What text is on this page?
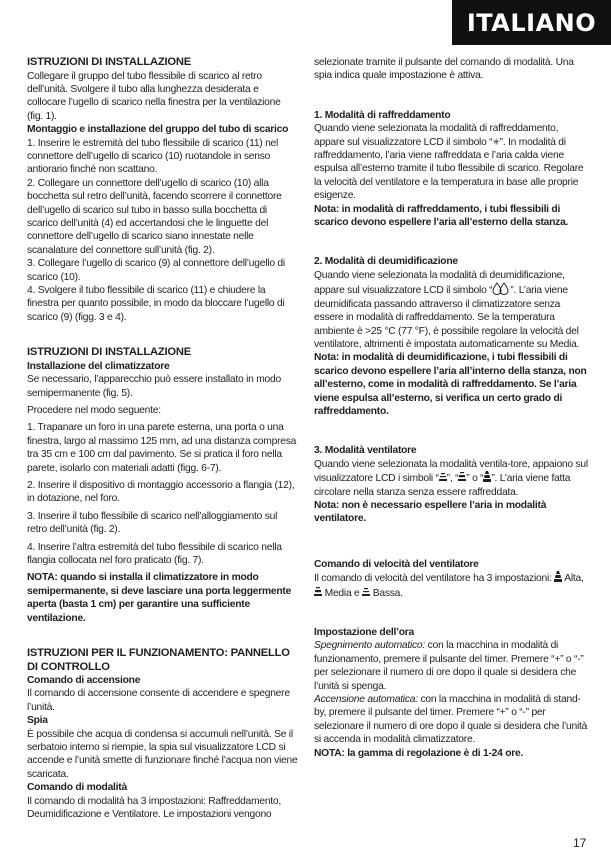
ITALIANO

ISTRUZIONI DI INSTALLAZIONE

Collegare il gruppo del tubo flessibile di scarico al retro dell’unità. Svolgere il tubo alla lunghezza desiderata e collocare l’ugello di scarico nella finestra per la ventilazione (fig. 1).

Montaggio e installazione del gruppo del tubo di scarico

1. Inserire le estremità del tubo flessibile di scarico (11) nel connettore dell’ugello di scarico (10) ruotandole in senso antiorario finché non scattano.

2. Collegare un connettore dell’ugello di scarico (10) alla bocchetta sul retro dell’unità, facendo scorrere il connettore dell’ugello di scarico sul tubo in basso sulla bocchetta di scarico dell’unità (4) ed accertandosi che le linguette del connettore dell’ugello di scarico siano innestate nelle scanalature del connettore sull’unità (fig. 2).

3. Collegare l’ugello di scarico (9) al connettore dell’ugello di scarico (10).

4. Svolgere il tubo flessibile di scarico (11) e chiudere la finestra per quanto possibile, in modo da bloccare l’ugello di scarico (9) (figg. 3 e 4).

ISTRUZIONI DI INSTALLAZIONE

Installazione del climatizzatore

Se necessario, l’apparecchio può essere installato in modo semipermanente (fig. 5).

Procedere nel modo seguente:

1. Trapanare un foro in una parete esterna, una porta o una finestra, largo al massimo 125 mm, ad una distanza compresa tra 35 cm e 100 cm dal pavimento. Se si pratica il foro nella parete, isolarlo con materiali adatti (figg. 6-7).

2. Inserire il dispositivo di montaggio accessorio a flangia (12), in dotazione, nel foro.

3. Inserire il tubo flessibile di scarico nell’alloggiamento sul retro dell’unità (fig. 2).

4. Inserire l’altra estremità del tubo flessibile di scarico nella flangia collocata nel foro praticato (fig. 7).

NOTA: quando si installa il climatizzatore in modo semipermanente, si deve lasciare una porta leggermente aperta (basta 1 cm) per garantire una sufficiente ventilazione.

ISTRUZIONI PER IL FUNZIONAMENTO: PANNELLO DI CONTROLLO

Comando di accensione

Il comando di accensione consente di accendere e spegnere l’unità.

Spia

È possibile che acqua di condensa si accumuli nell’unità. Se il serbatoio interno si riempie, la spia sul visualizzatore LCD si accende e l’unità smette di funzionare finché l’acqua non viene scaricata.

Comando di modalità

Il comando di modalità ha 3 impostazioni: Raffreddamento, Deumidificazione e Ventilatore. Le impostazioni vengono

selezionate tramite il pulsante del comando di modalità. Una spia indica quale impostazione è attiva.

1. Modalità di raffreddamento

Quando viene selezionata la modalità di raffreddamento, appare sul visualizzatore LCD il simbolo “✳”. In modalità di raffreddamento, l’aria viene raffreddata e l’aria calda viene espulsa all’esterno tramite il tubo flessibile di scarico. Regolare la velocità del ventilatore e la temperatura in base alle proprie esigenze.

Nota: in modalità di raffreddamento, i tubi flessibili di scarico devono espellere l’aria all’esterno della stanza.

2. Modalità di deumidificazione

Quando viene selezionata la modalità di deumidificazione, appare sul visualizzatore LCD il simbolo “ ”. L’aria viene deumidificata passando attraverso il climatizzatore senza essere in modalità di raffreddamento. Se la temperatura ambiente è >25 °C (77 °F), è possibile regolare la velocità del ventilatore, altrimenti è impostata automaticamente su Media.

Nota: in modalità di deumidificazione, i tubi flessibili di scarico devono espellere l’aria all’interno della stanza, non all’esterno, come in modalità di raffreddamento. Se l’aria viene espulsa all’esterno, si verifica un certo grado di raffreddamento.

3. Modalità ventilatore

Quando viene selezionata la modalità ventila-tore, appaiono sul visualizzatore LCD i simboli “ ”, “ ” o “ ”. L’aria viene fatta circolare nella stanza senza essere raffreddata.

Nota: non è necessario espellere l’aria in modalità ventilatore.

Comando di velocità del ventilatore

Il comando di velocità del ventilatore ha 3 impostazioni: Alta,  Media e Bassa.

Impostazione dell’ora

Spegnimento automatico: con la macchina in modalità di funzionamento, premere il pulsante del timer. Premere “+” o “-” per selezionare il numero di ore dopo il quale si desidera che l’unità si spenga.

Accensione automatica: con la macchina in modalità di stand-by, premere il pulsante del timer. Premere “+” o “-” per selezionare il numero di ore dopo il quale si desidera che l’unità si accenda in modalità climatizzatore.

NOTA: la gamma di regolazione è di 1-24 ore.

17
